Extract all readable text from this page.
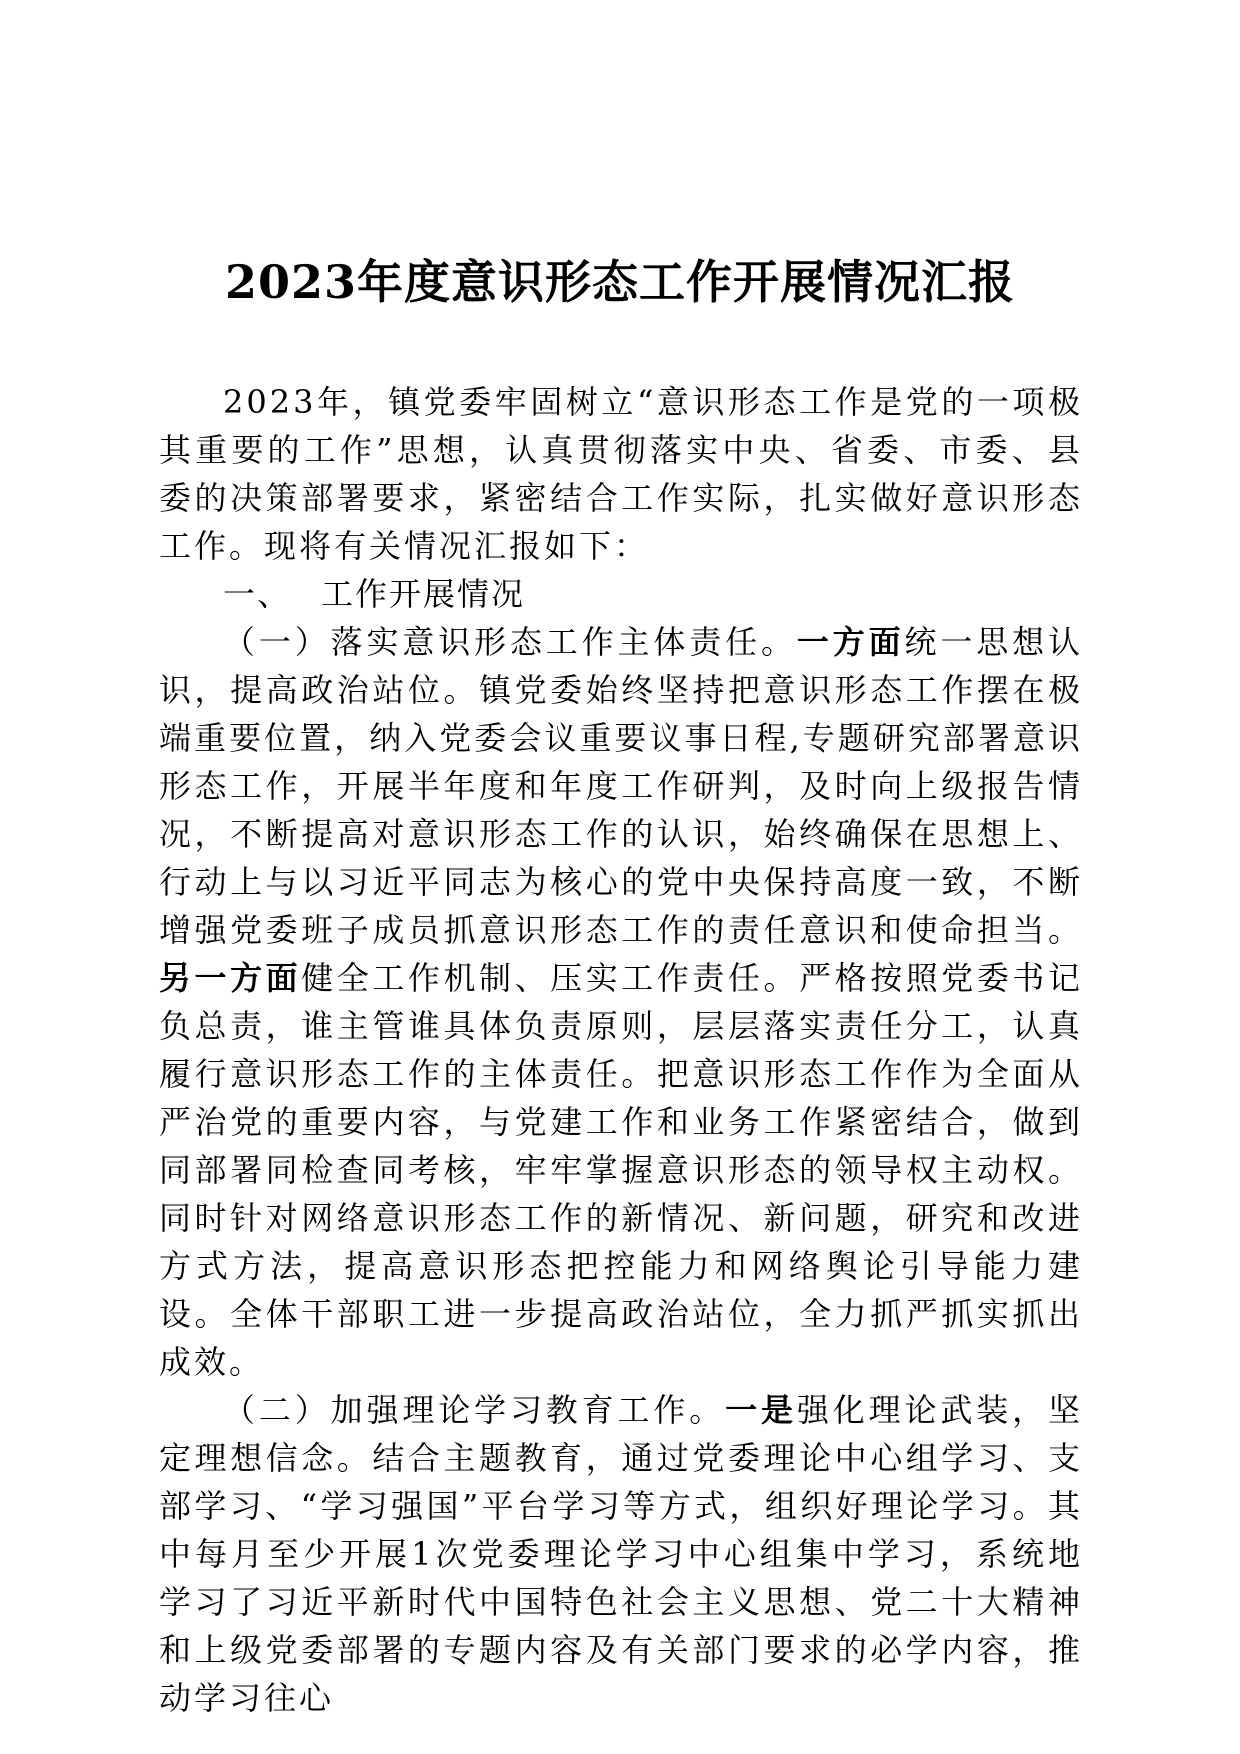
2023年度意识形态工作开展情况汇报

2023年，镇党委牢固树立“意识形态工作是党的一项极其重要的工作”思想，认真贯彻落实中央、省委、市委、县委的决策部署要求，紧密结合工作实际，扎实做好意识形态工作。现将有关情况汇报如下：

一、 工作开展情况

（一）落实意识形态工作主体责任。一方面统一思想认识，提高政治站位。镇党委始终坚持把意识形态工作摆在极端重要位置，纳入党委会议重要议事日程,专题研究部署意识形态工作，开展半年度和年度工作研判，及时向上级报告情况，不断提高对意识形态工作的认识，始终确保在思想上、行动上与以习近平同志为核心的党中央保持高度一致，不断增强党委班子成员抓意识形态工作的责任意识和使命担当。另一方面健全工作机制、压实工作责任。严格按照党委书记负总责，谁主管谁具体负责原则，层层落实责任分工，认真履行意识形态工作的主体责任。把意识形态工作作为全面从严治党的重要内容，与党建工作和业务工作紧密结合，做到同部署同检查同考核，牢牢掌握意识形态的领导权主动权。同时针对网络意识形态工作的新情况、新问题，研究和改进方式方法，提高意识形态把控能力和网络舆论引导能力建设。全体干部职工进一步提高政治站位，全力抓严抓实抓出成效。

（二）加强理论学习教育工作。一是强化理论武装，坚定理想信念。结合主题教育，通过党委理论中心组学习、支部学习、“学习强国”平台学习等方式，组织好理论学习。其中每月至少开展1次党委理论学习中心组集中学习，系统地学习了习近平新时代中国特色社会主义思想、党二十大精神和上级党委部署的专题内容及有关部门要求的必学内容，推动学习往心
